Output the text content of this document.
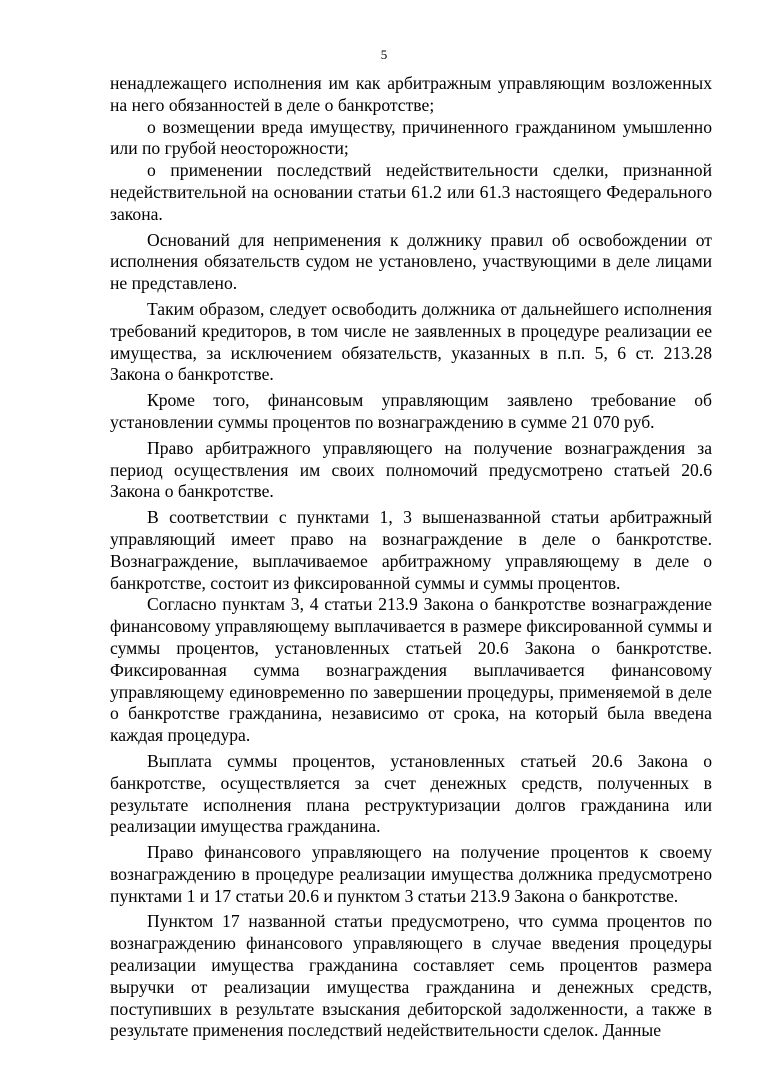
5

ненадлежащего исполнения им как арбитражным управляющим возложенных на него обязанностей в деле о банкротстве;

о возмещении вреда имуществу, причиненного гражданином умышленно или по грубой неосторожности;

о применении последствий недействительности сделки, признанной недействительной на основании статьи 61.2 или 61.3 настоящего Федерального закона.

Оснований для неприменения к должнику правил об освобождении от исполнения обязательств судом не установлено, участвующими в деле лицами не представлено.

Таким образом, следует освободить должника от дальнейшего исполнения требований кредиторов, в том числе не заявленных в процедуре реализации ее имущества, за исключением обязательств, указанных в п.п. 5, 6 ст. 213.28 Закона о банкротстве.

Кроме того, финансовым управляющим заявлено требование об установлении суммы процентов по вознаграждению в сумме 21 070 руб.

Право арбитражного управляющего на получение вознаграждения за период осуществления им своих полномочий предусмотрено статьей 20.6 Закона о банкротстве.

В соответствии с пунктами 1, 3 вышеназванной статьи арбитражный управляющий имеет право на вознаграждение в деле о банкротстве. Вознаграждение, выплачиваемое арбитражному управляющему в деле о банкротстве, состоит из фиксированной суммы и суммы процентов.

Согласно пунктам 3, 4 статьи 213.9 Закона о банкротстве вознаграждение финансовому управляющему выплачивается в размере фиксированной суммы и суммы процентов, установленных статьей 20.6 Закона о банкротстве. Фиксированная сумма вознаграждения выплачивается финансовому управляющему единовременно по завершении процедуры, применяемой в деле о банкротстве гражданина, независимо от срока, на который была введена каждая процедура.

Выплата суммы процентов, установленных статьей 20.6 Закона о банкротстве, осуществляется за счет денежных средств, полученных в результате исполнения плана реструктуризации долгов гражданина или реализации имущества гражданина.

Право финансового управляющего на получение процентов к своему вознаграждению в процедуре реализации имущества должника предусмотрено пунктами 1 и 17 статьи 20.6 и пунктом 3 статьи 213.9 Закона о банкротстве.

Пунктом 17 названной статьи предусмотрено, что сумма процентов по вознаграждению финансового управляющего в случае введения процедуры реализации имущества гражданина составляет семь процентов размера выручки от реализации имущества гражданина и денежных средств, поступивших в результате взыскания дебиторской задолженности, а также в результате применения последствий недействительности сделок. Данные
